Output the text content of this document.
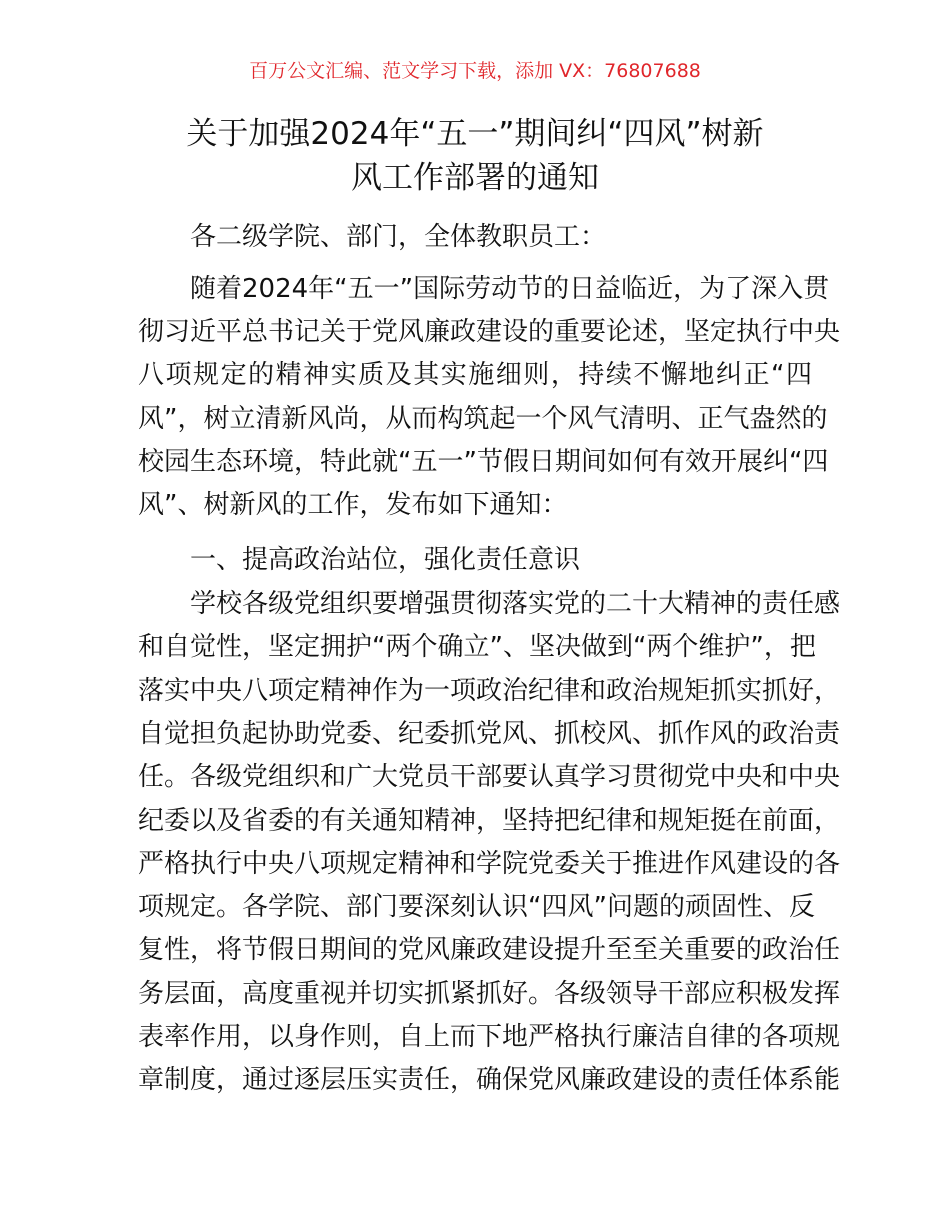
百万公文汇编、范文学习下载，添加 VX：76807688
关于加强2024年“五一”期间纠“四风”树新
风工作部署的通知
各二级学院、部门，全体教职员工：
随着2024年“五一”国际劳动节的日益临近，为了深入贯
彻习近平总书记关于党风廉政建设的重要论述，坚定执行中央
八项规定的精神实质及其实施细则，持续不懈地纠正“四
风”，树立清新风尚，从而构筑起一个风气清明、正气盎然的
校园生态环境，特此就“五一”节假日期间如何有效开展纠“四
风”、树新风的工作，发布如下通知：
一、提高政治站位，强化责任意识
学校各级党组织要增强贯彻落实党的二十大精神的责任感
和自觉性，坚定拥护“两个确立”、坚决做到“两个维护”，把
落实中央八项定精神作为一项政治纪律和政治规矩抓实抓好，
自觉担负起协助党委、纪委抓党风、抓校风、抓作风的政治责
任。各级党组织和广大党员干部要认真学习贯彻党中央和中央
纪委以及省委的有关通知精神，坚持把纪律和规矩挺在前面，
严格执行中央八项规定精神和学院党委关于推进作风建设的各
项规定。各学院、部门要深刻认识“四风”问题的顽固性、反
复性，将节假日期间的党风廉政建设提升至至关重要的政治任
务层面，高度重视并切实抓紧抓好。各级领导干部应积极发挥
表率作用，以身作则，自上而下地严格执行廉洁自律的各项规
章制度，通过逐层压实责任，确保党风廉政建设的责任体系能
